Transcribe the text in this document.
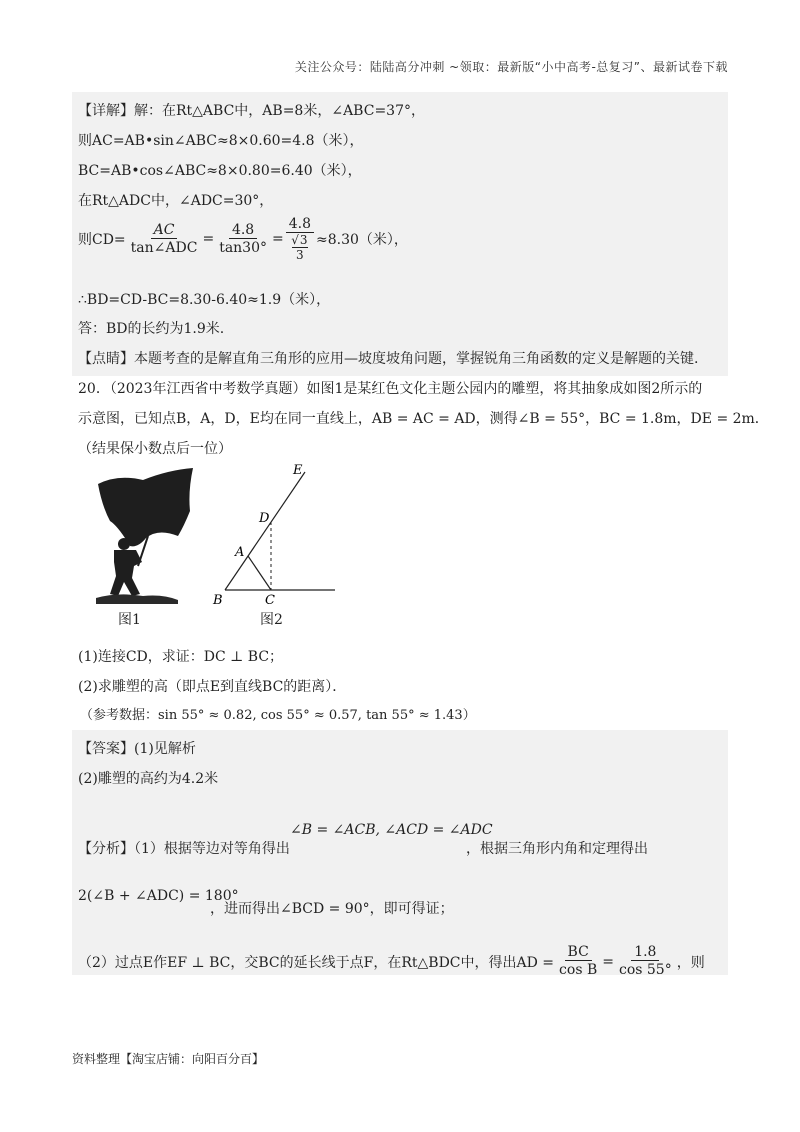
关注公众号：陆陆高分冲刺 ~领取：最新版“小中高考-总复习”、最新试卷下载
【详解】解：在Rt△ABC中，AB=8米，∠ABC=37°，
则AC=AB•sin∠ABC≈8×0.60=4.8（米），
BC=AB•cos∠ABC≈8×0.80=6.40（米），
在Rt△ADC中，∠ADC=30°，
则$CD= \frac{AC}{\text{tan∠ADC}} = \frac{4.8}{\tan 30^\circ} = 4.8$
√3
3 ≈8.30（米），
∴BD=CD-BC=8.30-6.40≈1.9（米），
答：BD的长约为1.9米.
【点睛】本题考查的是解直角三角形的应用—坡度坡角问题，掌握锐角三角函数的定义是解题的关键.
20．（2023年江西省中考数学真题）如图1是某红色文化主题公园内的雕塑，将其抽象成如图2所示的
示意图，已知点B，A，D，E均在同一直线上，AB = AC = AD，测得∠B = 55°，BC = 1.8m，DE = 2m．
（结果保小数点后一位）
图1
E
D
A
B	C
图2
(1)连接CD，求证：DC ⊥ BC；
(2)求雕塑的高（即点E到直线BC的距离）．
（参考数据：sin 55° ≈ 0.82, cos 55° ≈ 0.57, tan 55° ≈ 1.43）
【答案】(1)见解析
(2)雕塑的高约为4.2米
【分析】（1）根据等边对等角得出
∠B = ∠ACB, ∠ACD = ∠ADC
，根据三角形内角和定理得出
2(∠B + ∠ADC) = 180°
，进而得出∠BCD = 90°，即可得证；
（2）过点E作EF ⊥ BC，交BC的延长线于点F，在Rt△BDC中，得出AD = $\frac{BC}{\text{cos B}} = \frac{1.8}{\cos 55^\circ}$ ，则
资料整理【淘宝店铺：向阳百分百】
